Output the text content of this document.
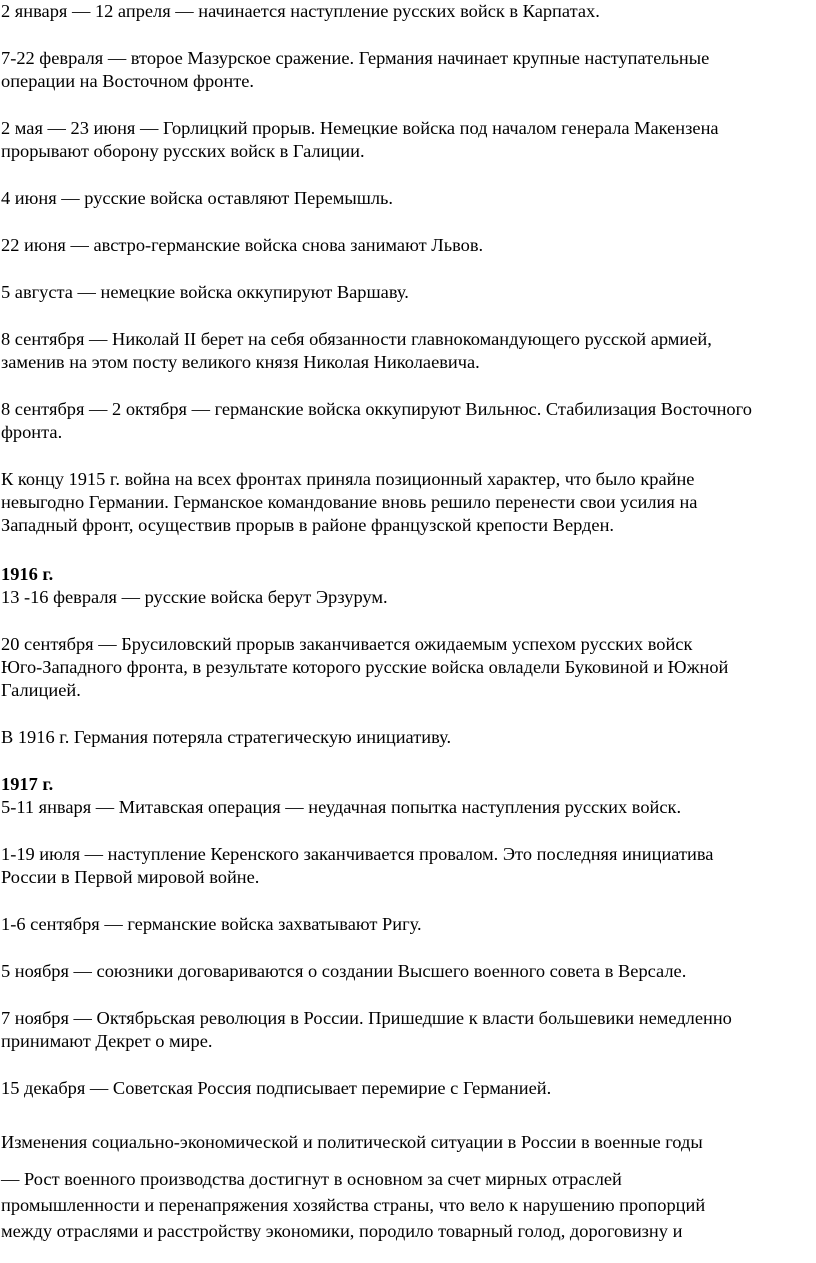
2 января — 12 апреля — начинается наступление русских войск в Карпатах.

7-22 февраля — второе Мазурское сражение. Германия начинает крупные наступательные
операции на Восточном фронте.

2 мая — 23 июня — Горлицкий прорыв. Немецкие войска под началом генерала Макензена
прорывают оборону русских войск в Галиции.

4 июня — русские войска оставляют Перемышль.

22 июня — австро-германские войска снова занимают Львов.

5 августа — немецкие войска оккупируют Варшаву.

8 сентября — Николай II берет на себя обязанности главнокомандующего русской армией,
заменив на этом посту великого князя Николая Николаевича.

8 сентября — 2 октября — германские войска оккупируют Вильнюс. Стабилизация Восточного
фронта.

К концу 1915 г. война на всех фронтах приняла позиционный характер, что было крайне
невыгодно Германии. Германское командование вновь решило перенести свои усилия на
Западный фронт, осуществив прорыв в районе французской крепости Верден.

1916 г.
13 -16 февраля — русские войска берут Эрзурум.

20 сентября — Брусиловский прорыв заканчивается ожидаемым успехом русских войск
Юго-Западного фронта, в результате которого русские войска овладели Буковиной и Южной
Галицией.

В 1916 г. Германия потеряла стратегическую инициативу.

1917 г.
5-11 января — Митавская операция — неудачная попытка наступления русских войск.

1-19 июля — наступление Керенского заканчивается провалом. Это последняя инициатива
России в Первой мировой войне.

1-6 сентября — германские войска захватывают Ригу.

5 ноября — союзники договариваются о создании Высшего военного совета в Версале.

7 ноября — Октябрьская революция в России. Пришедшие к власти большевики немедленно
принимают Декрет о мире.

15 декабря — Советская Россия подписывает перемирие с Германией.

Изменения социально-экономической и политической ситуации в России в военные годы

— Рост военного производства достигнут в основном за счет мирных отраслей
промышленности и перенапряжения хозяйства страны, что вело к нарушению пропорций
между отраслями и расстройству экономики, породило товарный голод, дороговизну и
